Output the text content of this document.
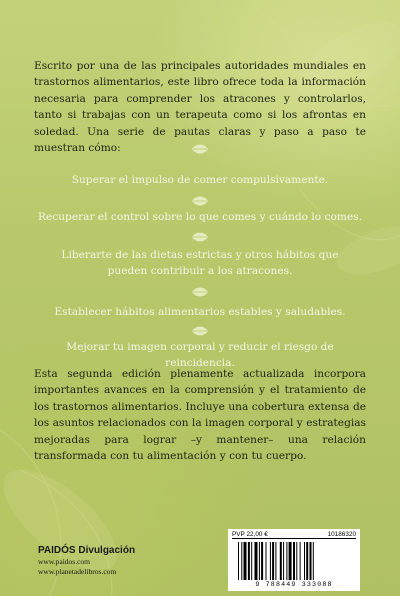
Escrito por una de las principales autoridades mundiales en trastornos alimentarios, este libro ofrece toda la información necesaria para comprender los atracones y controlarlos, tanto si trabajas con un terapeuta como si los afrontas en soledad. Una serie de pautas claras y paso a paso te muestran cómo:
Superar el impulso de comer compulsivamente.
Recuperar el control sobre lo que comes y cuándo lo comes.
Liberarte de las dietas estrictas y otros hábitos que pueden contribuir a los atracones.
Establecer hábitos alimentarios estables y saludables.
Mejorar tu imagen corporal y reducir el riesgo de reincidencia.
Esta segunda edición plenamente actualizada incorpora importantes avances en la comprensión y el tratamiento de los trastornos alimentarios. Incluye una cobertura extensa de los asuntos relacionados con la imagen corporal y estrategias mejoradas para lograr –y mantener– una relación transformada con tu alimentación y con tu cuerpo.
PAIDÓS Divulgación
www.paidos.com
www.planetadelibros.com
PVP 22,00 €	10186320
9 788449 333088
